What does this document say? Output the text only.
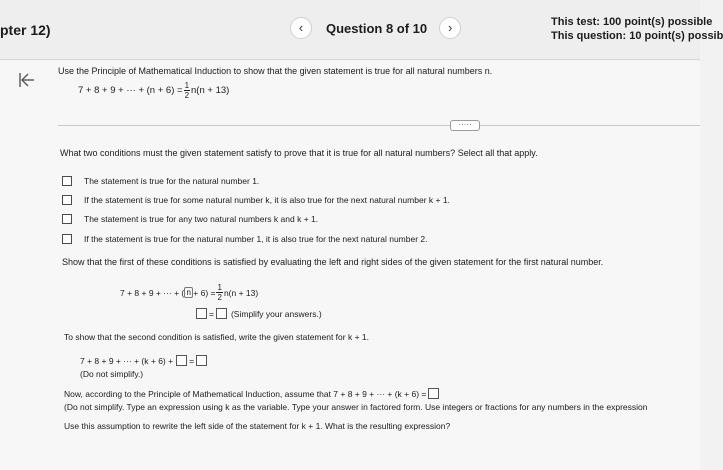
pter 12)	‹	Question 8 of 10	›	This test: 100 point(s) possible
This question: 10 point(s) possib
Use the Principle of Mathematical Induction to show that the given statement is true for all natural numbers n.
7 + 8 + 9 + ··· + $(n + 6) = \frac{1}{2} n(n + 13)$
·····
What two conditions must the given statement satisfy to prove that it is true for all natural numbers? Select all that apply.
The statement is true for the natural number 1.
If the statement is true for some natural number k, it is also true for the next natural number k + 1.
The statement is true for any two natural numbers k and k + 1.
If the statement is true for the natural number 1, it is also true for the next natural number 2.
Show that the first of these conditions is satisfied by evaluating the left and right sides of the given statement for the first natural number.
7 + 8 + 9 + ··· + ( $n + 6) = \frac{1}{2} n(n + 13)$
= (Simplify your answers.)
To show that the second condition is satisfied, write the given statement for k + 1.
7 + 8 + 9 + ··· + (k + 6) + =
(Do not simplify.)
Now, according to the Principle of Mathematical Induction, assume that 7 + 8 + 9 + ··· + (k + 6) =
(Do not simplify. Type an expression using k as the variable. Type your answer in factored form. Use integers or fractions for any numbers in the expression
Use this assumption to rewrite the left side of the statement for k + 1. What is the resulting expression?
